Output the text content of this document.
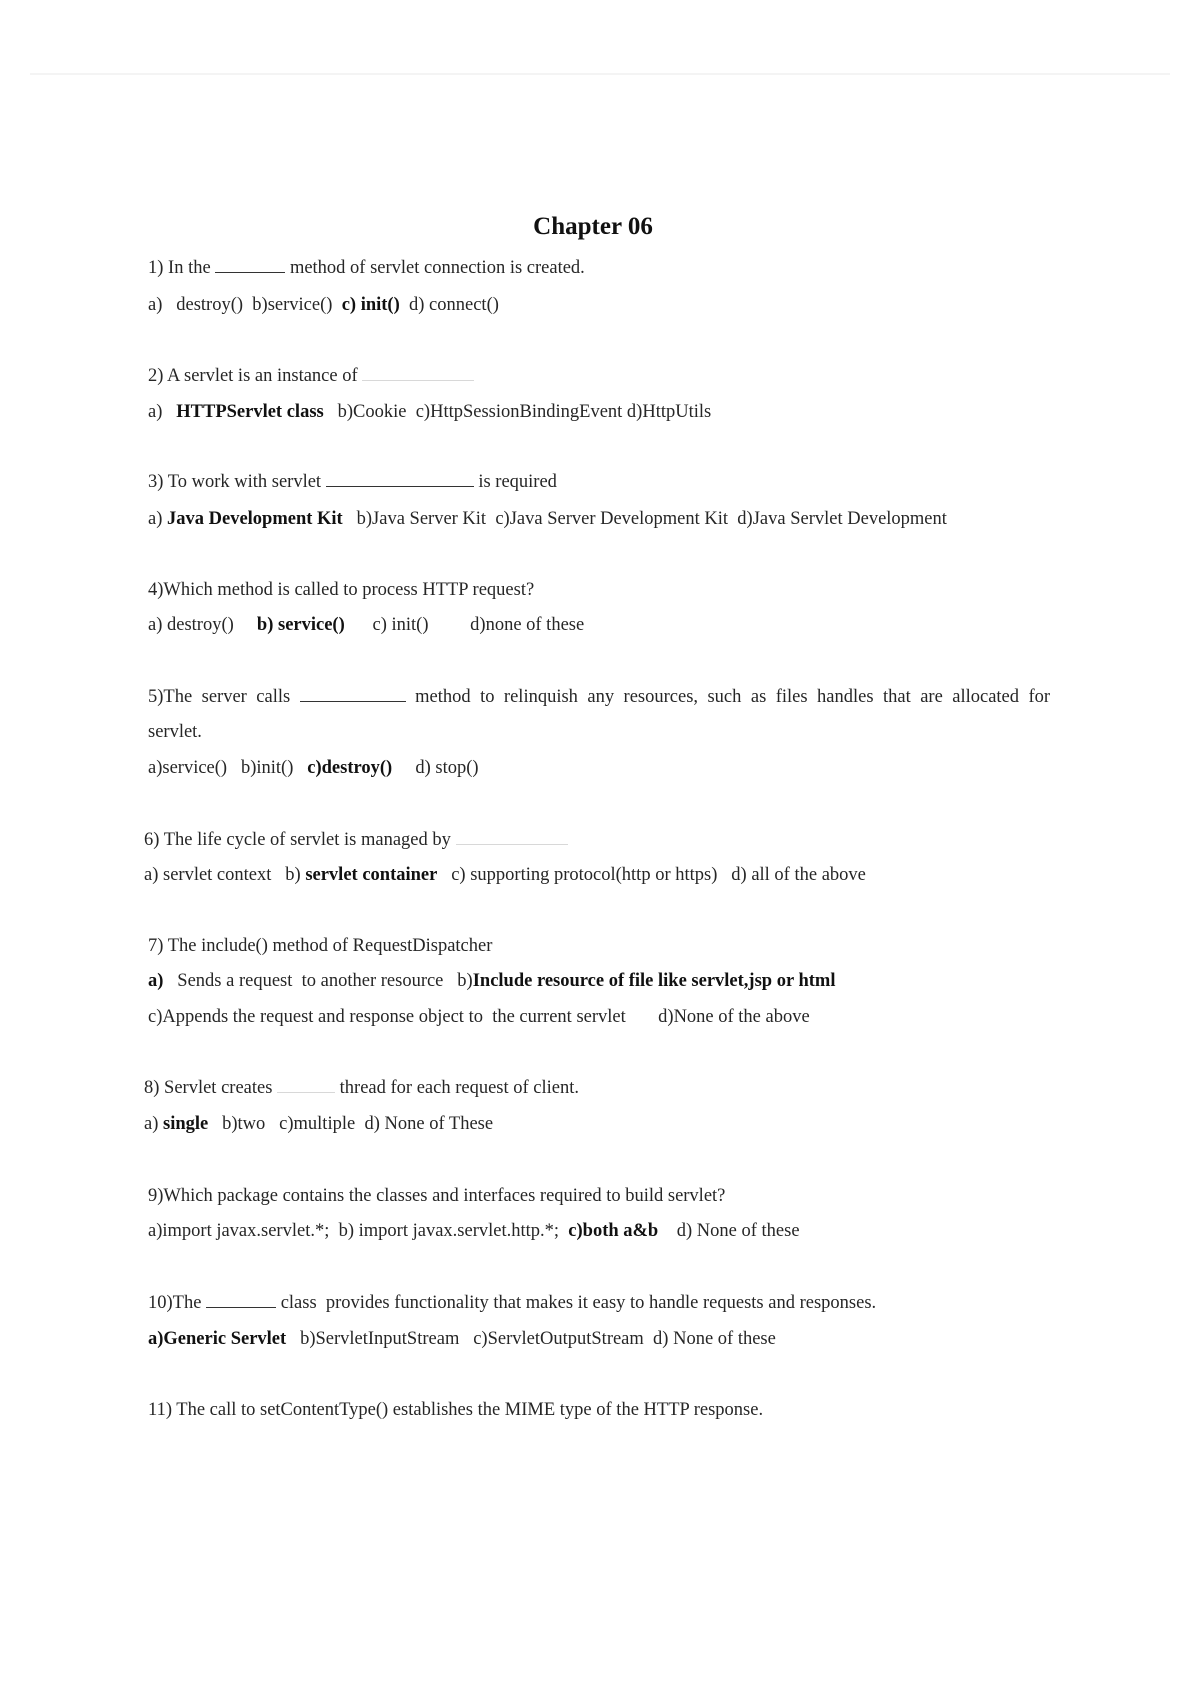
Chapter 06
1) In the	method of servlet connection is created.
a) destroy() b)service() c) init() d) connect()
2) A servlet is an instance of
a) HTTPServlet class b)Cookie c)HttpSessionBindingEvent d)HttpUtils
3) To work with servlet	is required
a) Java Development Kit b)Java Server Kit c)Java Server Development Kit d)Java Servlet Development
4)Which method is called to process HTTP request?
a) destroy() b) service() c) init() d)none of these
5)The server calls	method to relinquish any resources, such as files handles that are allocated for
servlet.
a)service() b)init() c)destroy() d) stop()
6) The life cycle of servlet is managed by
a) servlet context b) servlet container c) supporting protocol(http or https) d) all of the above
7) The include() method of RequestDispatcher
a) Sends a request  to another resource b)Include resource of file like servlet,jsp or html
c)Appends the request and response object to  the current servlet d)None of the above
8) Servlet creates	thread for each request of client.
a) single b)two c)multiple d) None of These
9)Which package contains the classes and interfaces required to build servlet?
a)import javax.servlet.*; b) import javax.servlet.http.*; c)both a&b d) None of these
10)The	class  provides functionality that makes it easy to handle requests and responses.
a)Generic Servlet b)ServletInputStream c)ServletOutputStream d) None of these
11) The call to setContentType() establishes the MIME type of the HTTP response.
